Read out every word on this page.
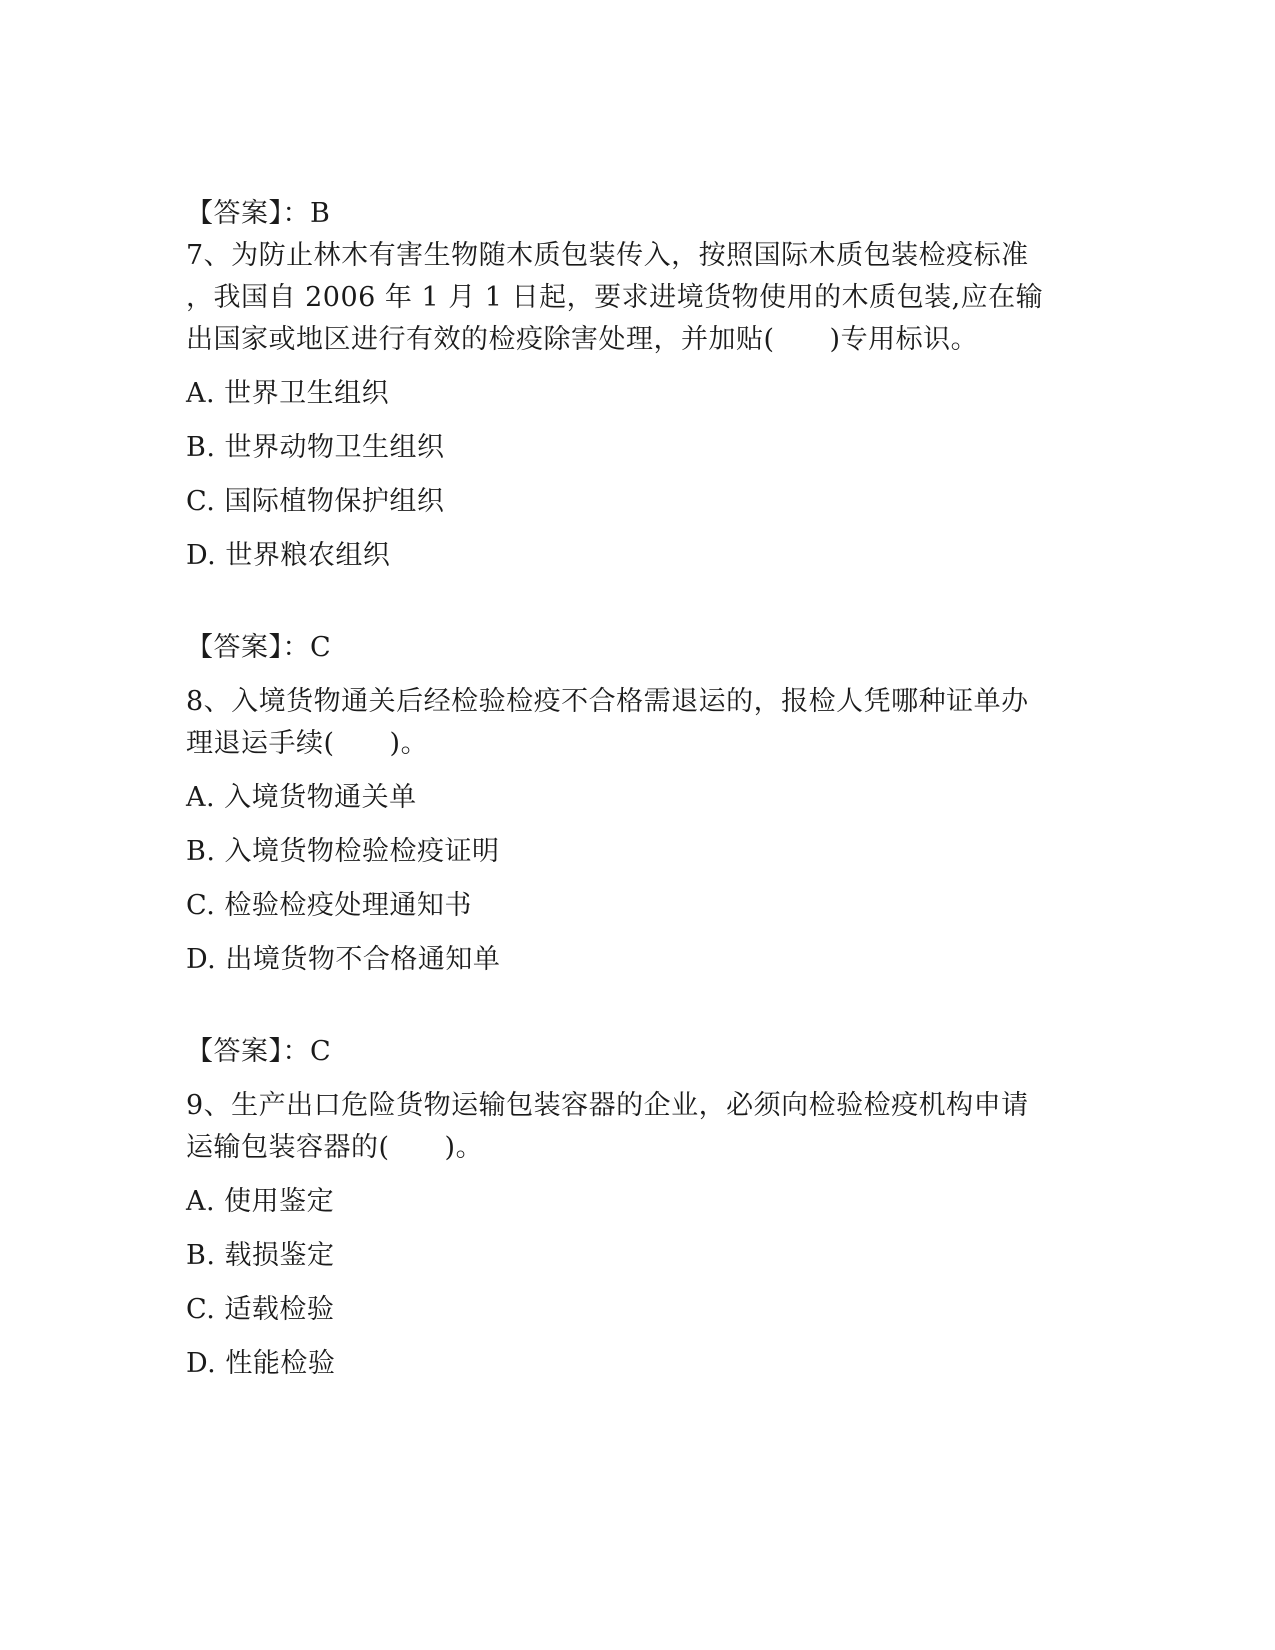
【答案】：B
7、为防止林木有害生物随木质包装传入，按照国际木质包装检疫标准
，我国自 2006 年 1 月 1 日起，要求进境货物使用的木质包装,应在输
出国家或地区进行有效的检疫除害处理，并加贴(　　)专用标识。
A. 世界卫生组织
B. 世界动物卫生组织
C. 国际植物保护组织
D. 世界粮农组织
【答案】：C
8、入境货物通关后经检验检疫不合格需退运的，报检人凭哪种证单办
理退运手续(　　)。
A. 入境货物通关单
B. 入境货物检验检疫证明
C. 检验检疫处理通知书
D. 出境货物不合格通知单
【答案】：C
9、生产出口危险货物运输包装容器的企业，必须向检验检疫机构申请
运输包装容器的(　　)。
A. 使用鉴定
B. 载损鉴定
C. 适载检验
D. 性能检验
